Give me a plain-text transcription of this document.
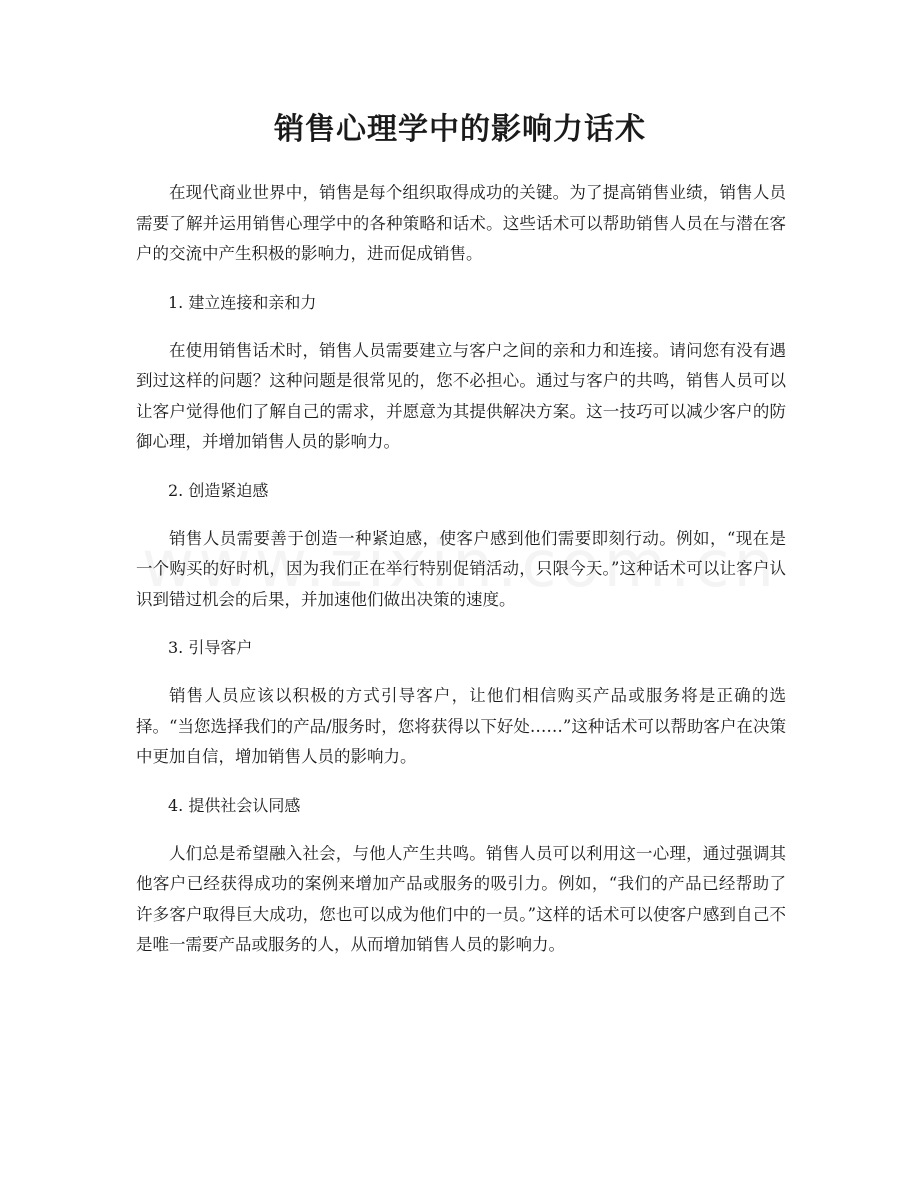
销售心理学中的影响力话术

在现代商业世界中，销售是每个组织取得成功的关键。为了提高销售业绩，销售人员需要了解并运用销售心理学中的各种策略和话术。这些话术可以帮助销售人员在与潜在客户的交流中产生积极的影响力，进而促成销售。

1. 建立连接和亲和力

在使用销售话术时，销售人员需要建立与客户之间的亲和力和连接。请问您有没有遇到过这样的问题？这种问题是很常见的，您不必担心。通过与客户的共鸣，销售人员可以让客户觉得他们了解自己的需求，并愿意为其提供解决方案。这一技巧可以减少客户的防御心理，并增加销售人员的影响力。

2. 创造紧迫感

销售人员需要善于创造一种紧迫感，使客户感到他们需要即刻行动。例如，“现在是一个购买的好时机，因为我们正在举行特别促销活动，只限今天。”这种话术可以让客户认识到错过机会的后果，并加速他们做出决策的速度。

3. 引导客户

销售人员应该以积极的方式引导客户，让他们相信购买产品或服务将是正确的选择。“当您选择我们的产品/服务时，您将获得以下好处……”这种话术可以帮助客户在决策中更加自信，增加销售人员的影响力。

4. 提供社会认同感

人们总是希望融入社会，与他人产生共鸣。销售人员可以利用这一心理，通过强调其他客户已经获得成功的案例来增加产品或服务的吸引力。例如，“我们的产品已经帮助了许多客户取得巨大成功，您也可以成为他们中的一员。”这样的话术可以使客户感到自己不是唯一需要产品或服务的人，从而增加销售人员的影响力。
